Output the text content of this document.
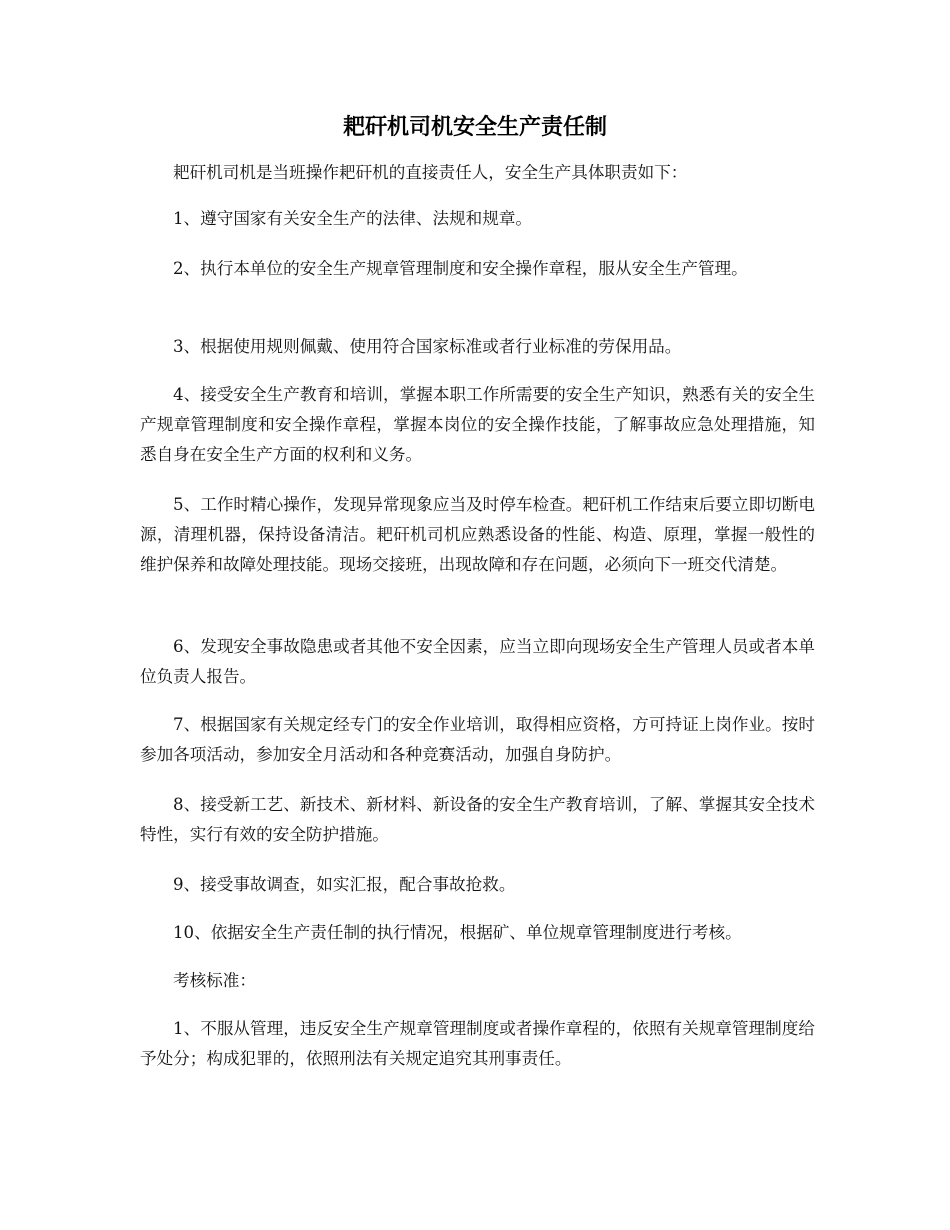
耙矸机司机安全生产责任制

耙矸机司机是当班操作耙矸机的直接责任人，安全生产具体职责如下：

1、遵守国家有关安全生产的法律、法规和规章。

2、执行本单位的安全生产规章管理制度和安全操作章程，服从安全生产管理。

3、根据使用规则佩戴、使用符合国家标准或者行业标准的劳保用品。

4、接受安全生产教育和培训，掌握本职工作所需要的安全生产知识，熟悉有关的安全生产规章管理制度和安全操作章程，掌握本岗位的安全操作技能，了解事故应急处理措施，知悉自身在安全生产方面的权利和义务。

5、工作时精心操作，发现异常现象应当及时停车检查。耙矸机工作结束后要立即切断电源，清理机器，保持设备清洁。耙矸机司机应熟悉设备的性能、构造、原理，掌握一般性的维护保养和故障处理技能。现场交接班，出现故障和存在问题，必须向下一班交代清楚。

6、发现安全事故隐患或者其他不安全因素，应当立即向现场安全生产管理人员或者本单位负责人报告。

7、根据国家有关规定经专门的安全作业培训，取得相应资格，方可持证上岗作业。按时参加各项活动，参加安全月活动和各种竞赛活动，加强自身防护。

8、接受新工艺、新技术、新材料、新设备的安全生产教育培训，了解、掌握其安全技术特性，实行有效的安全防护措施。

9、接受事故调查，如实汇报，配合事故抢救。

10、依据安全生产责任制的执行情况，根据矿、单位规章管理制度进行考核。

考核标准：

1、不服从管理，违反安全生产规章管理制度或者操作章程的，依照有关规章管理制度给予处分；构成犯罪的，依照刑法有关规定追究其刑事责任。
